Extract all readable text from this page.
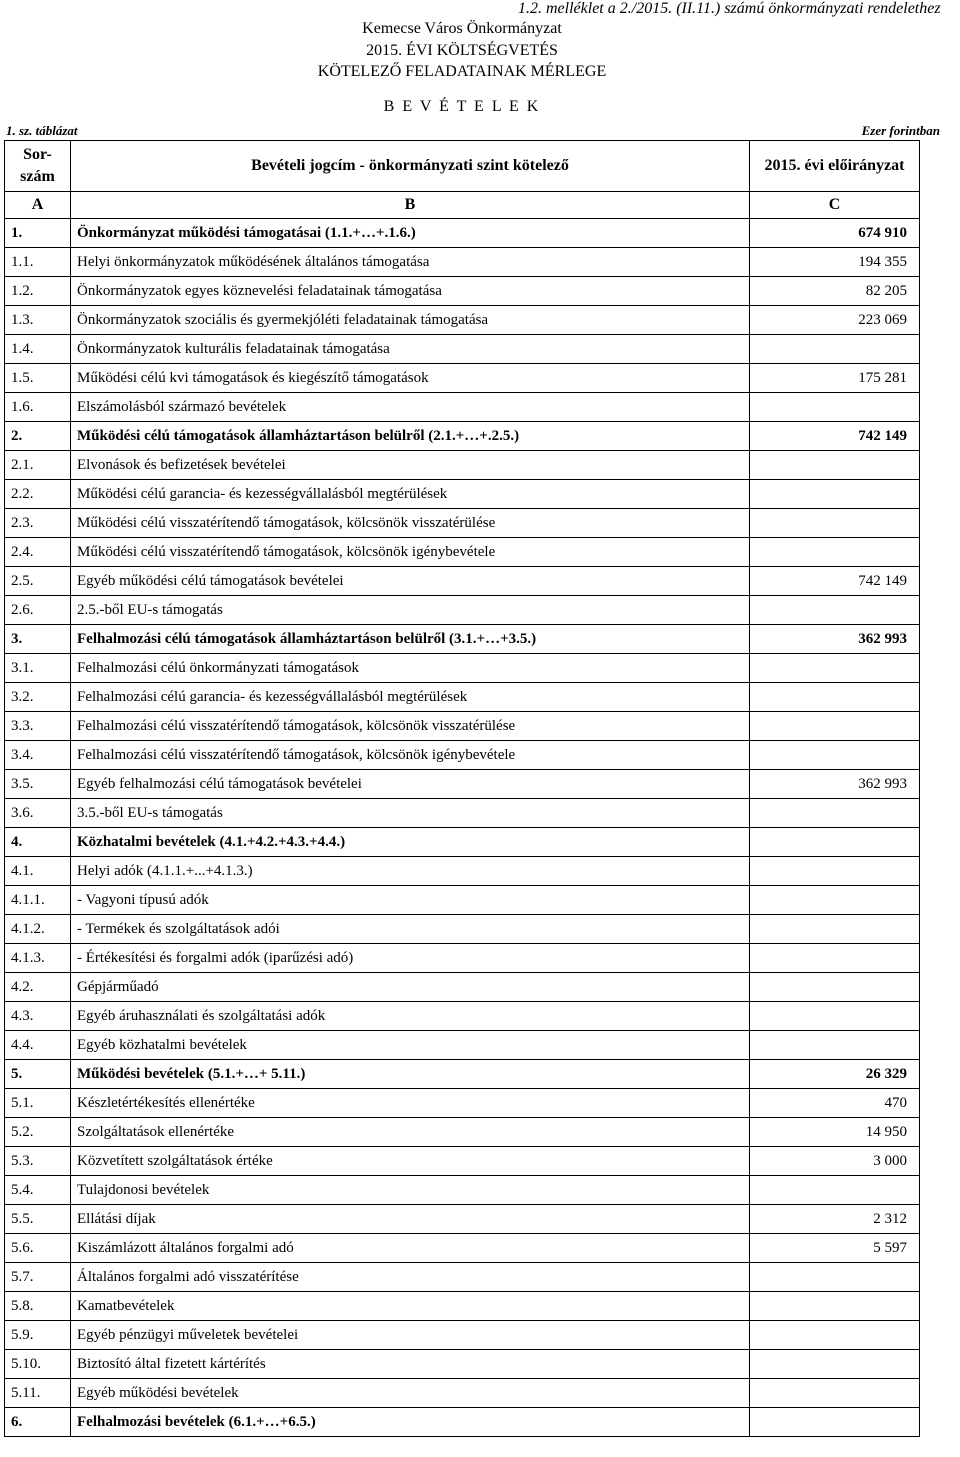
1.2. melléklet a 2./2015. (II.11.) számú önkormányzati rendelethez
Kemecse Város Önkormányzat
2015. ÉVI KÖLTSÉGVETÉS
KÖTELEZŐ FELADATAINAK MÉRLEGE
B E V É T E L E K
1. sz. táblázat	Ezer forintban
Sor-
szám	Bevételi jogcím - önkormányzati szint kötelező	2015. évi előirányzat
A	B	C
1.	Önkormányzat működési támogatásai (1.1.+…+.1.6.)	674 910
1.1.	Helyi önkormányzatok működésének általános támogatása	194 355
1.2.	Önkormányzatok egyes köznevelési feladatainak támogatása	82 205
1.3.	Önkormányzatok szociális és gyermekjóléti feladatainak támogatása	223 069
1.4.	Önkormányzatok kulturális feladatainak támogatása	
1.5.	Működési célú kvi támogatások és kiegészítő támogatások	175 281
1.6.	Elszámolásból származó bevételek	
2.	Működési célú támogatások államháztartáson belülről (2.1.+…+.2.5.)	742 149
2.1.	Elvonások és befizetések bevételei	
2.2.	Működési célú garancia- és kezességvállalásból megtérülések	
2.3.	Működési célú visszatérítendő támogatások, kölcsönök visszatérülése	
2.4.	Működési célú visszatérítendő támogatások, kölcsönök igénybevétele	
2.5.	Egyéb működési célú támogatások bevételei	742 149
2.6.	2.5.-ből EU-s támogatás	
3.	Felhalmozási célú támogatások államháztartáson belülről (3.1.+…+3.5.)	362 993
3.1.	Felhalmozási célú önkormányzati támogatások	
3.2.	Felhalmozási célú garancia- és kezességvállalásból megtérülések	
3.3.	Felhalmozási célú visszatérítendő támogatások, kölcsönök visszatérülése	
3.4.	Felhalmozási célú visszatérítendő támogatások, kölcsönök igénybevétele	
3.5.	Egyéb felhalmozási célú támogatások bevételei	362 993
3.6.	3.5.-ből EU-s támogatás	
4.	Közhatalmi bevételek (4.1.+4.2.+4.3.+4.4.)	
4.1.	Helyi adók (4.1.1.+...+4.1.3.)	
4.1.1.	- Vagyoni típusú adók	
4.1.2.	- Termékek és szolgáltatások adói	
4.1.3.	- Értékesítési és forgalmi adók (iparűzési adó)	
4.2.	Gépjárműadó	
4.3.	Egyéb áruhasználati és szolgáltatási adók	
4.4.	Egyéb közhatalmi bevételek	
5.	Működési bevételek (5.1.+…+ 5.11.)	26 329
5.1.	Készletértékesítés ellenértéke	470
5.2.	Szolgáltatások ellenértéke	14 950
5.3.	Közvetített szolgáltatások értéke	3 000
5.4.	Tulajdonosi bevételek	
5.5.	Ellátási díjak	2 312
5.6.	Kiszámlázott általános forgalmi adó	5 597
5.7.	Általános forgalmi adó visszatérítése	
5.8.	Kamatbevételek	
5.9.	Egyéb pénzügyi műveletek bevételei	
5.10.	Biztosító által fizetett kártérítés	
5.11.	Egyéb működési bevételek	
6.	Felhalmozási bevételek (6.1.+…+6.5.)	
